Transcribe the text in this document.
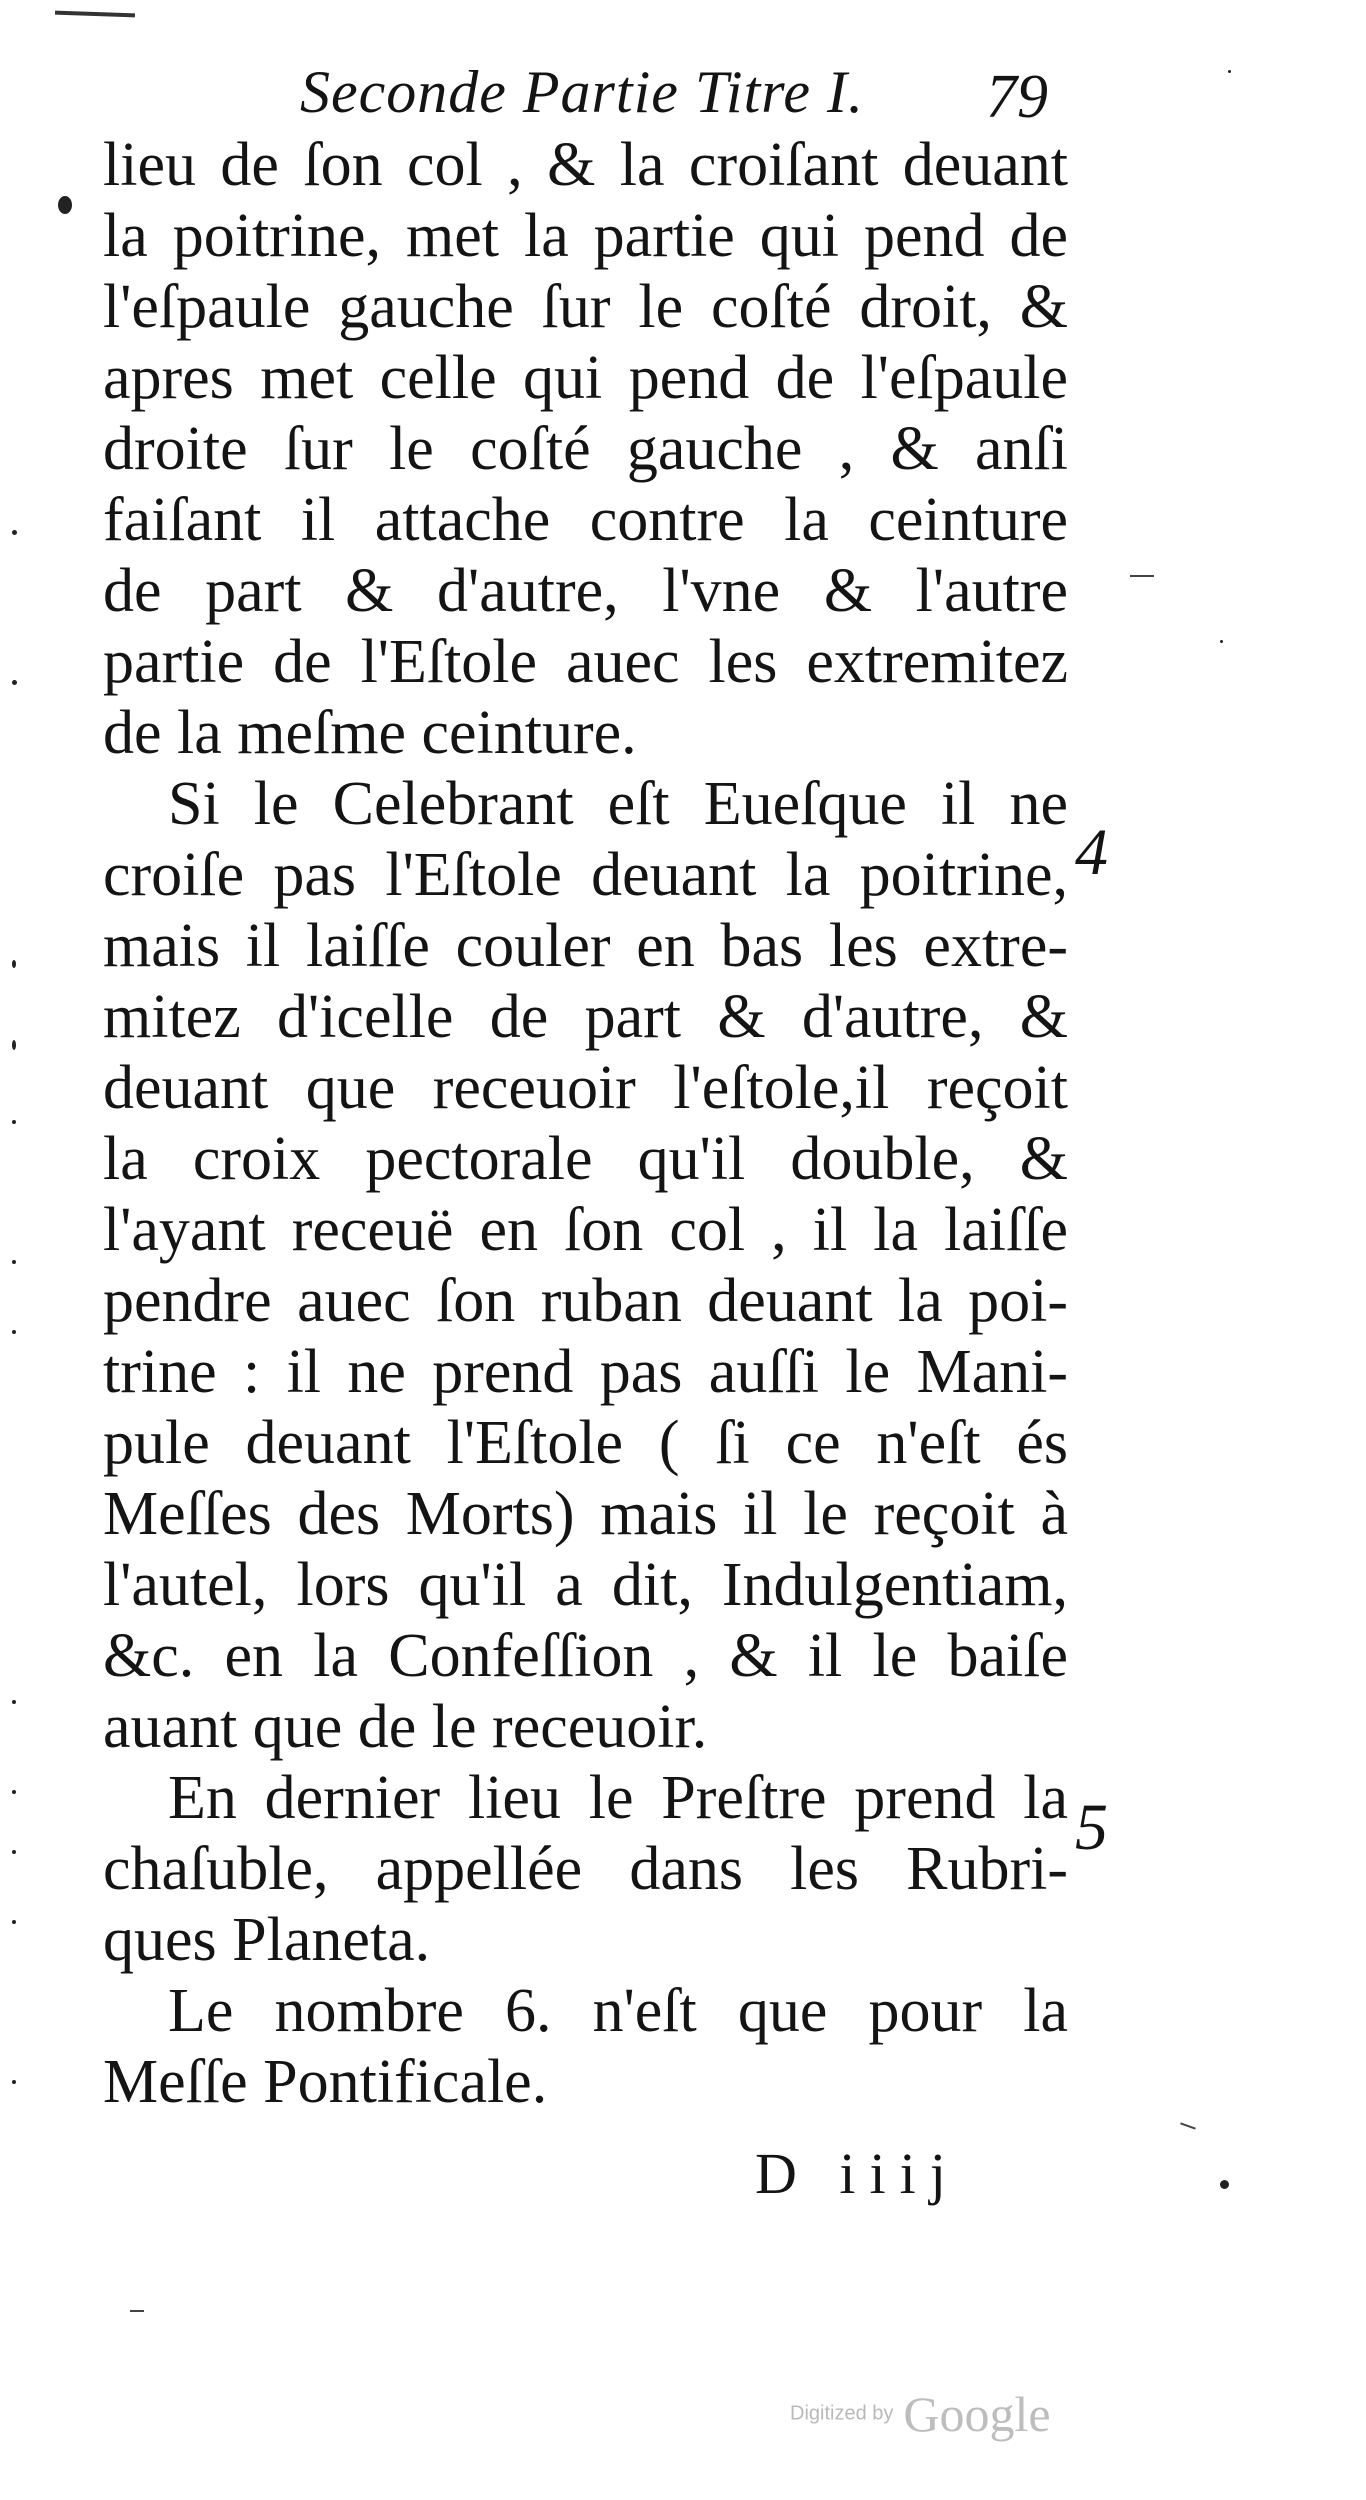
Seconde Partie Titre I. 79
lieu de ſon col , & la croiſant deuant
la poitrine, met la partie qui pend de
l'eſpaule gauche ſur le coſté droit, &
apres met celle qui pend de l'eſpaule
droite ſur le coſté gauche , & anſi
faiſant il attache contre la ceinture
de part & d'autre, l'vne & l'autre
partie de l'Eſtole auec les extremitez
de la meſme ceinture.
Si le Celebrant eſt Eueſque il ne
croiſe pas l'Eſtole deuant la poitrine,
mais il laiſſe couler en bas les extre-
mitez d'icelle de part & d'autre, &
deuant que receuoir l'eſtole,il reçoit
la croix pectorale qu'il double, &
l'ayant receuë en ſon col , il la laiſſe
pendre auec ſon ruban deuant la poi-
trine : il ne prend pas auſſi le Mani-
pule deuant l'Eſtole ( ſi ce n'eſt és
Meſſes des Morts) mais il le reçoit à
l'autel, lors qu'il a dit, Indulgentiam,
&c. en la Confeſſion , & il le baiſe
auant que de le receuoir.
En dernier lieu le Preſtre prend la
chaſuble, appellée dans les Rubri-
ques Planeta.
Le nombre 6. n'eſt que pour la
Meſſe Pontificale.
4
5
D iiij
Digitized by Google
